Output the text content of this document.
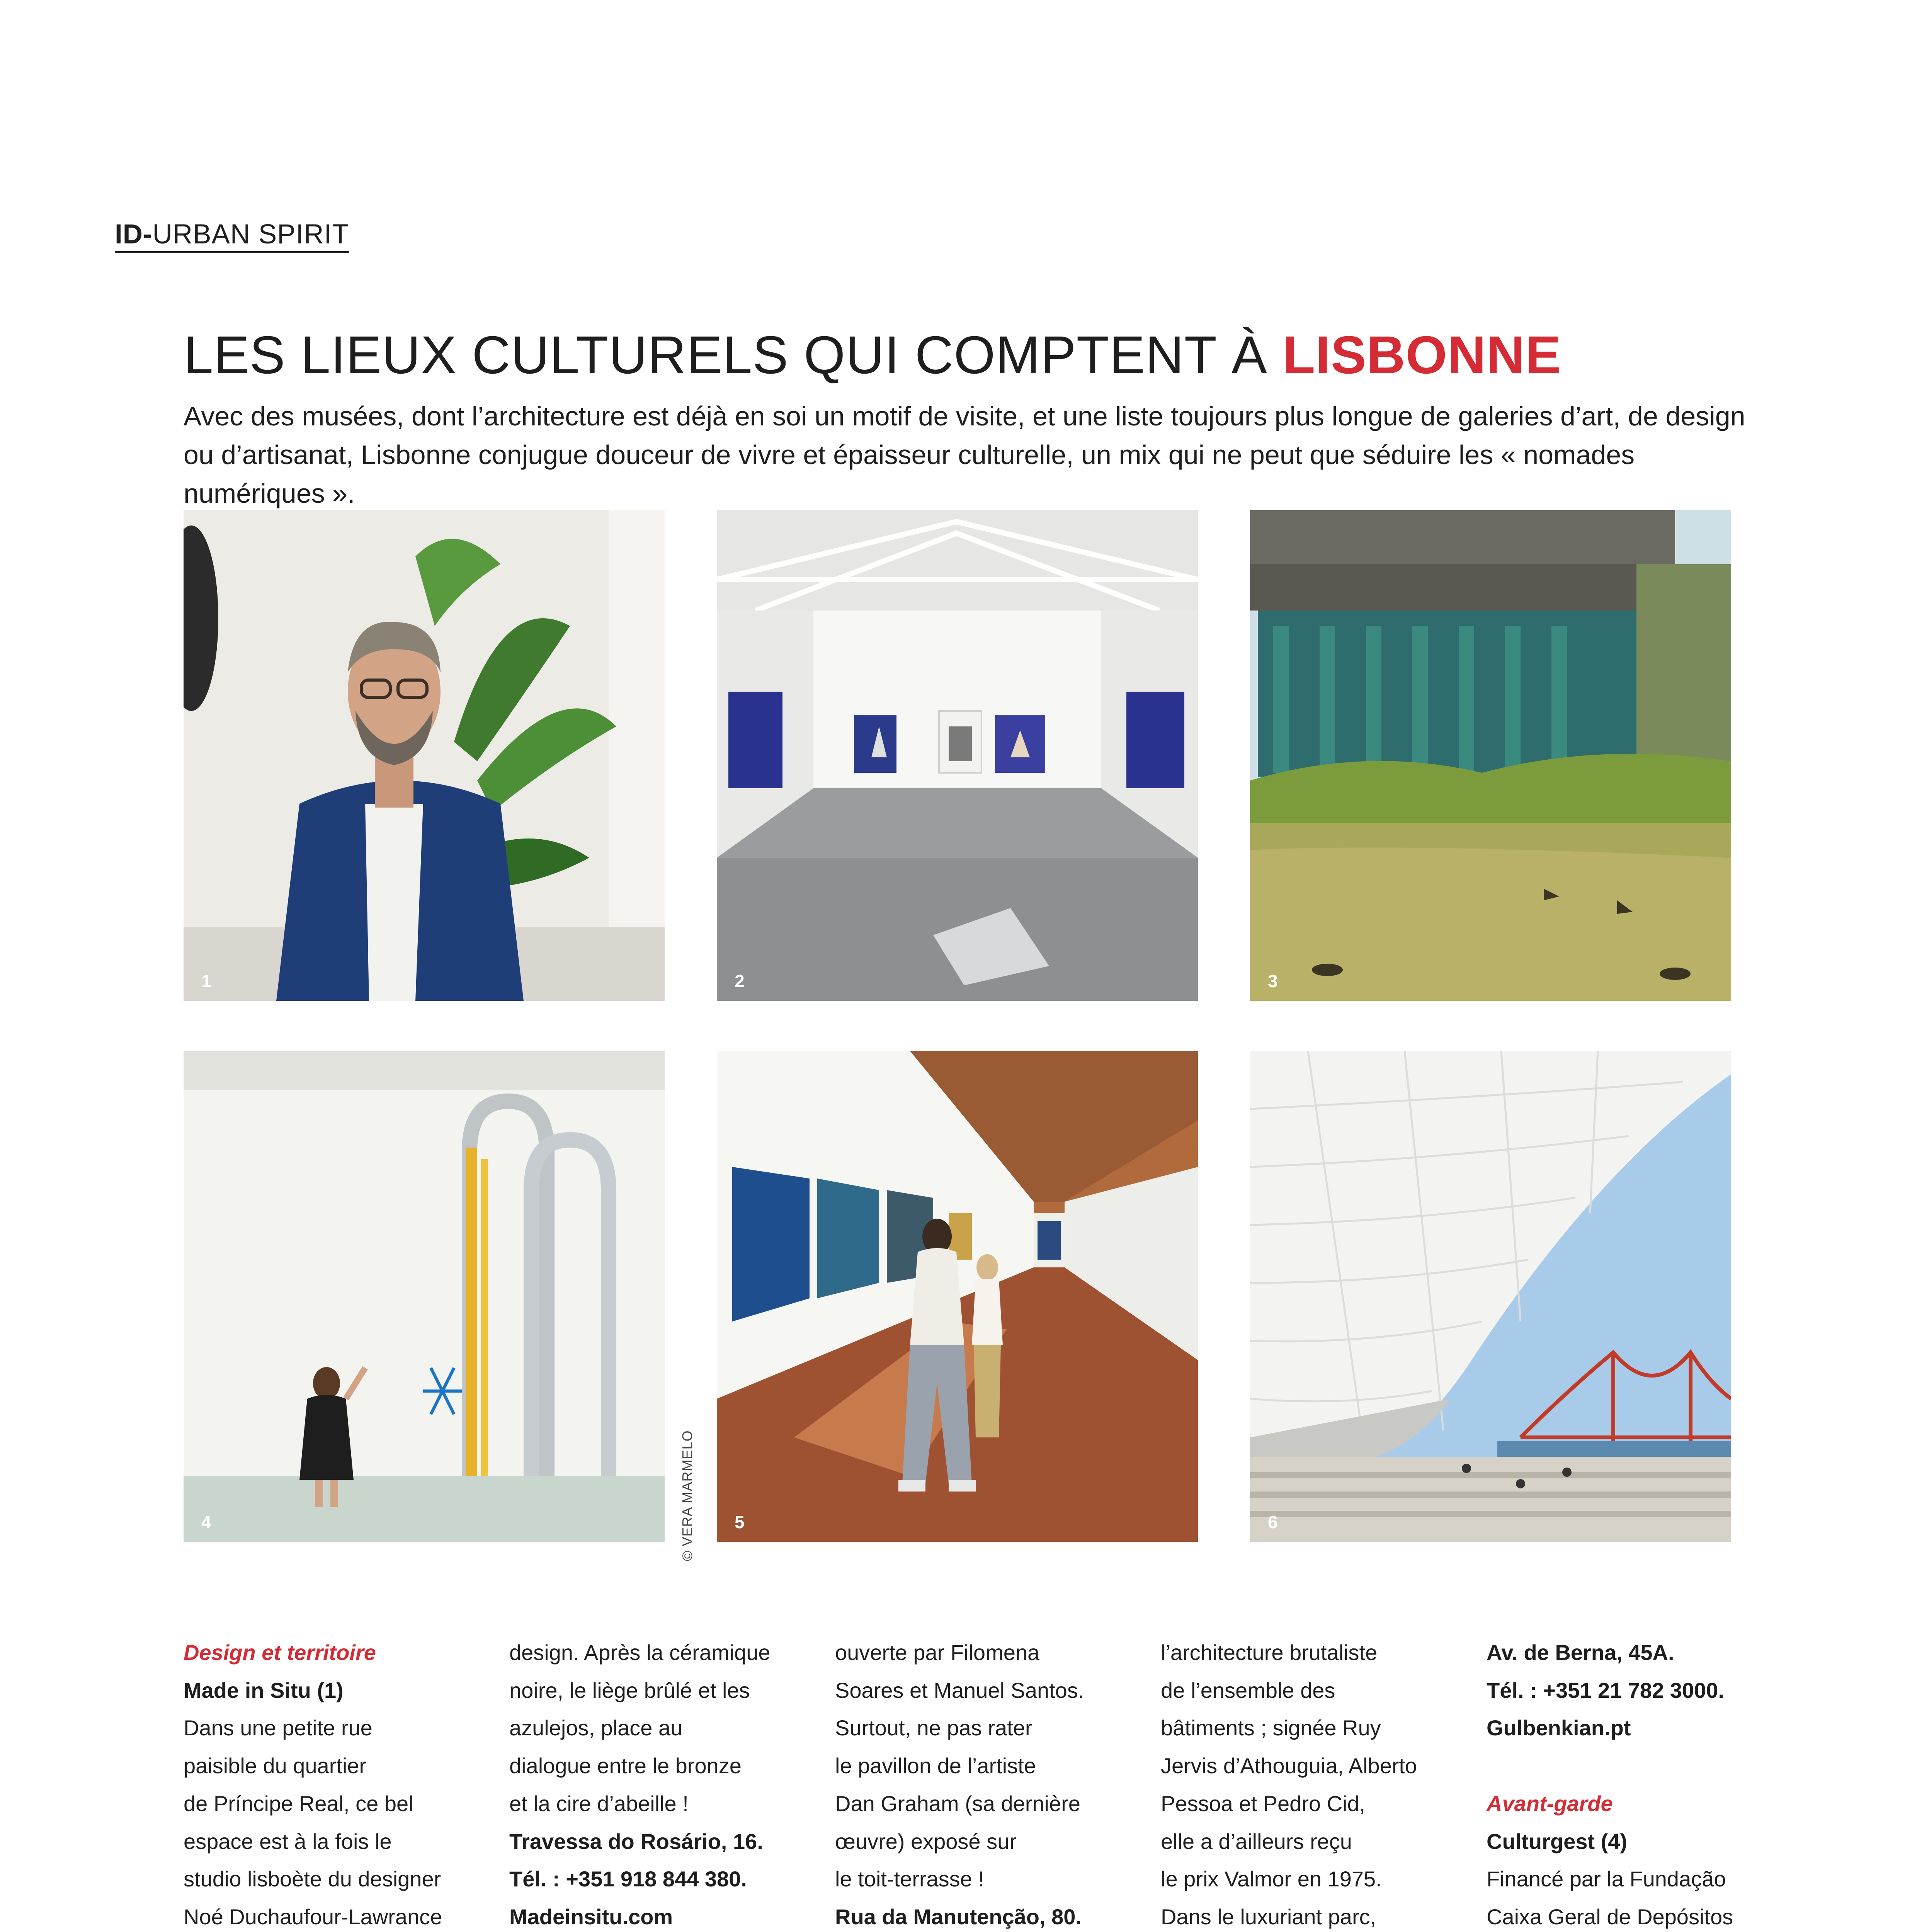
ID-URBAN SPIRIT
LES LIEUX CULTURELS QUI COMPTENT À LISBONNE

Avec des musées, dont l’architecture est déjà en soi un motif de visite, et une liste toujours plus longue de galeries d’art, de design ou d’artisanat, Lisbonne conjugue douceur de vivre et épaisseur culturelle, un mix qui ne peut que séduire les « nomades numériques ».

1	2	3
4	© VERA MARMELO 5	6

Design et territoire

Made in Situ (1)

Dans une petite rue

paisible du quartier

de Príncipe Real, ce bel

espace est à la fois le

studio lisboète du designer

Noé Duchaufour-Lawrance

design. Après la céramique

noire, le liège brûlé et les

azulejos, place au

dialogue entre le bronze

et la cire d’abeille !

Travessa do Rosário, 16.

Tél. : +351 918 844 380.

Madeinsitu.com

ouverte par Filomena

Soares et Manuel Santos.

Surtout, ne pas rater

le pavillon de l’artiste

Dan Graham (sa dernière

œuvre) exposé sur

le toit-terrasse !

Rua da Manutenção, 80.

l’architecture brutaliste

de l’ensemble des

bâtiments ; signée Ruy

Jervis d’Athouguia, Alberto

Pessoa et Pedro Cid,

elle a d’ailleurs reçu

le prix Valmor en 1975.

Dans le luxuriant parc,

Av. de Berna, 45A.

Tél. : +351 21 782 3000.

Gulbenkian.pt

Avant-garde

Culturgest (4)

Financé par la Fundação

Caixa Geral de Depósitos
